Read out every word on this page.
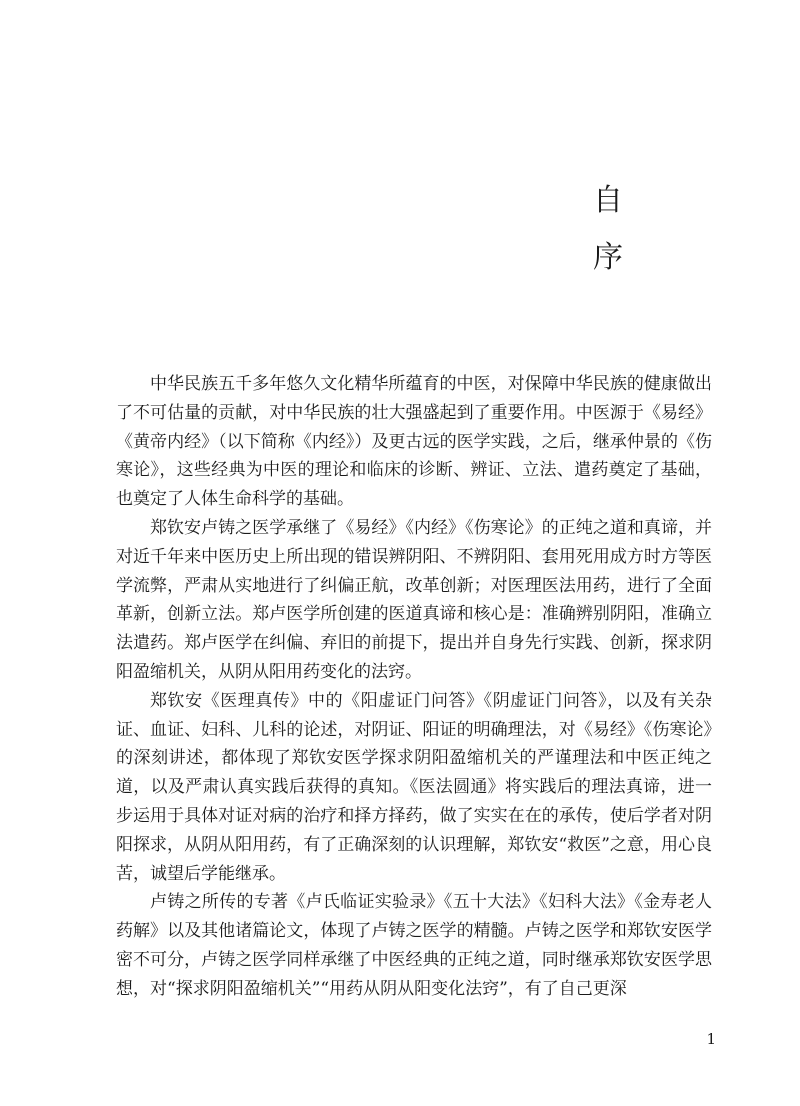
自
序

中华民族五千多年悠久文化精华所蕴育的中医，对保障中华民族的健康做出了不可估量的贡献，对中华民族的壮大强盛起到了重要作用。中医源于《易经》《黄帝内经》（以下简称《内经》）及更古远的医学实践，之后，继承仲景的《伤寒论》，这些经典为中医的理论和临床的诊断、辨证、立法、遣药奠定了基础，也奠定了人体生命科学的基础。

郑钦安卢铸之医学承继了《易经》《内经》《伤寒论》的正纯之道和真谛，并对近千年来中医历史上所出现的错误辨阴阳、不辨阴阳、套用死用成方时方等医学流弊，严肃从实地进行了纠偏正航，改革创新；对医理医法用药，进行了全面革新，创新立法。郑卢医学所创建的医道真谛和核心是：准确辨别阴阳，准确立法遣药。郑卢医学在纠偏、弃旧的前提下，提出并自身先行实践、创新，探求阴阳盈缩机关，从阴从阳用药变化的法窍。

郑钦安《医理真传》中的《阳虚证门问答》《阴虚证门问答》，以及有关杂证、血证、妇科、儿科的论述，对阴证、阳证的明确理法，对《易经》《伤寒论》的深刻讲述，都体现了郑钦安医学探求阴阳盈缩机关的严谨理法和中医正纯之道，以及严肃认真实践后获得的真知。《医法圆通》将实践后的理法真谛，进一步运用于具体对证对病的治疗和择方择药，做了实实在在的承传，使后学者对阴阳探求，从阴从阳用药，有了正确深刻的认识理解，郑钦安“救医”之意，用心良苦，诚望后学能继承。

卢铸之所传的专著《卢氏临证实验录》《五十大法》《妇科大法》《金寿老人药解》以及其他诸篇论文，体现了卢铸之医学的精髓。卢铸之医学和郑钦安医学密不可分，卢铸之医学同样承继了中医经典的正纯之道，同时继承郑钦安医学思想，对“探求阴阳盈缩机关”“用药从阴从阳变化法窍”，有了自己更深

1
